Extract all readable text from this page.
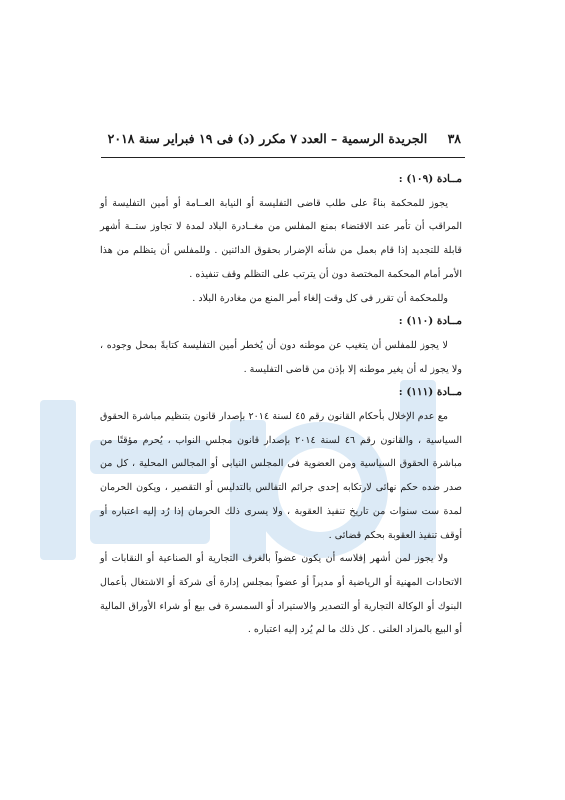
٣٨ الجريدة الرسمية – العدد ٧ مكرر (د) فى ١٩ فبراير سنة ٢٠١٨

مــادة (١٠٩) :

يجوز للمحكمة بناءً على طلب قاضى التفليسة أو النيابة العــامة أو أمين التفليسة أو المراقب أن تأمر عند الاقتضاء بمنع المفلس من مغــادرة البلاد لمدة لا تجاوز ستــة أشهر قابلة للتجديد إذا قام بعمل من شأنه الإضرار بحقوق الدائنين . وللمفلس أن يتظلم من هذا الأمر أمام المحكمة المختصة دون أن يترتب على التظلم وقف تنفيذه .

وللمحكمة أن تقرر فى كل وقت إلغاء أمر المنع من مغادرة البلاد .

مــادة (١١٠) :

لا يجوز للمفلس أن يتغيب عن موطنه دون أن يُخطر أمين التفليسة كتابةً بمحل وجوده ، ولا يجوز له أن يغير موطنه إلا بإذن من قاضى التفليسة .

مــادة (١١١) :

مع عدم الإخلال بأحكام القانون رقم ٤٥ لسنة ٢٠١٤ بإصدار قانون بتنظيم مباشرة الحقوق السياسية ، والقانون رقم ٤٦ لسنة ٢٠١٤ بإصدار قانون مجلس النواب ، يُحرم مؤقتًا من مباشرة الحقوق السياسية ومن العضوية فى المجلس النيابى أو المجالس المحلية ، كل من صدر ضده حكم نهائى لارتكابه إحدى جرائم التفالس بالتدليس أو التقصير ، ويكون الحرمان لمدة ست سنوات من تاريخ تنفيذ العقوبة ، ولا يسرى ذلك الحرمان إذا رُد إليه اعتباره أو أوقف تنفيذ العقوبة بحكم قضائى .

ولا يجوز لمن أشهر إفلاسه أن يكون عضواً بالغرف التجارية أو الصناعية أو النقابات أو الاتحادات المهنية أو الرياضية أو مديراً أو عضواً بمجلس إدارة أى شركة أو الاشتغال بأعمال البنوك أو الوكالة التجارية أو التصدير والاستيراد أو السمسرة فى بيع أو شراء الأوراق المالية أو البيع بالمزاد العلنى . كل ذلك ما لم يُرد إليه اعتباره .
